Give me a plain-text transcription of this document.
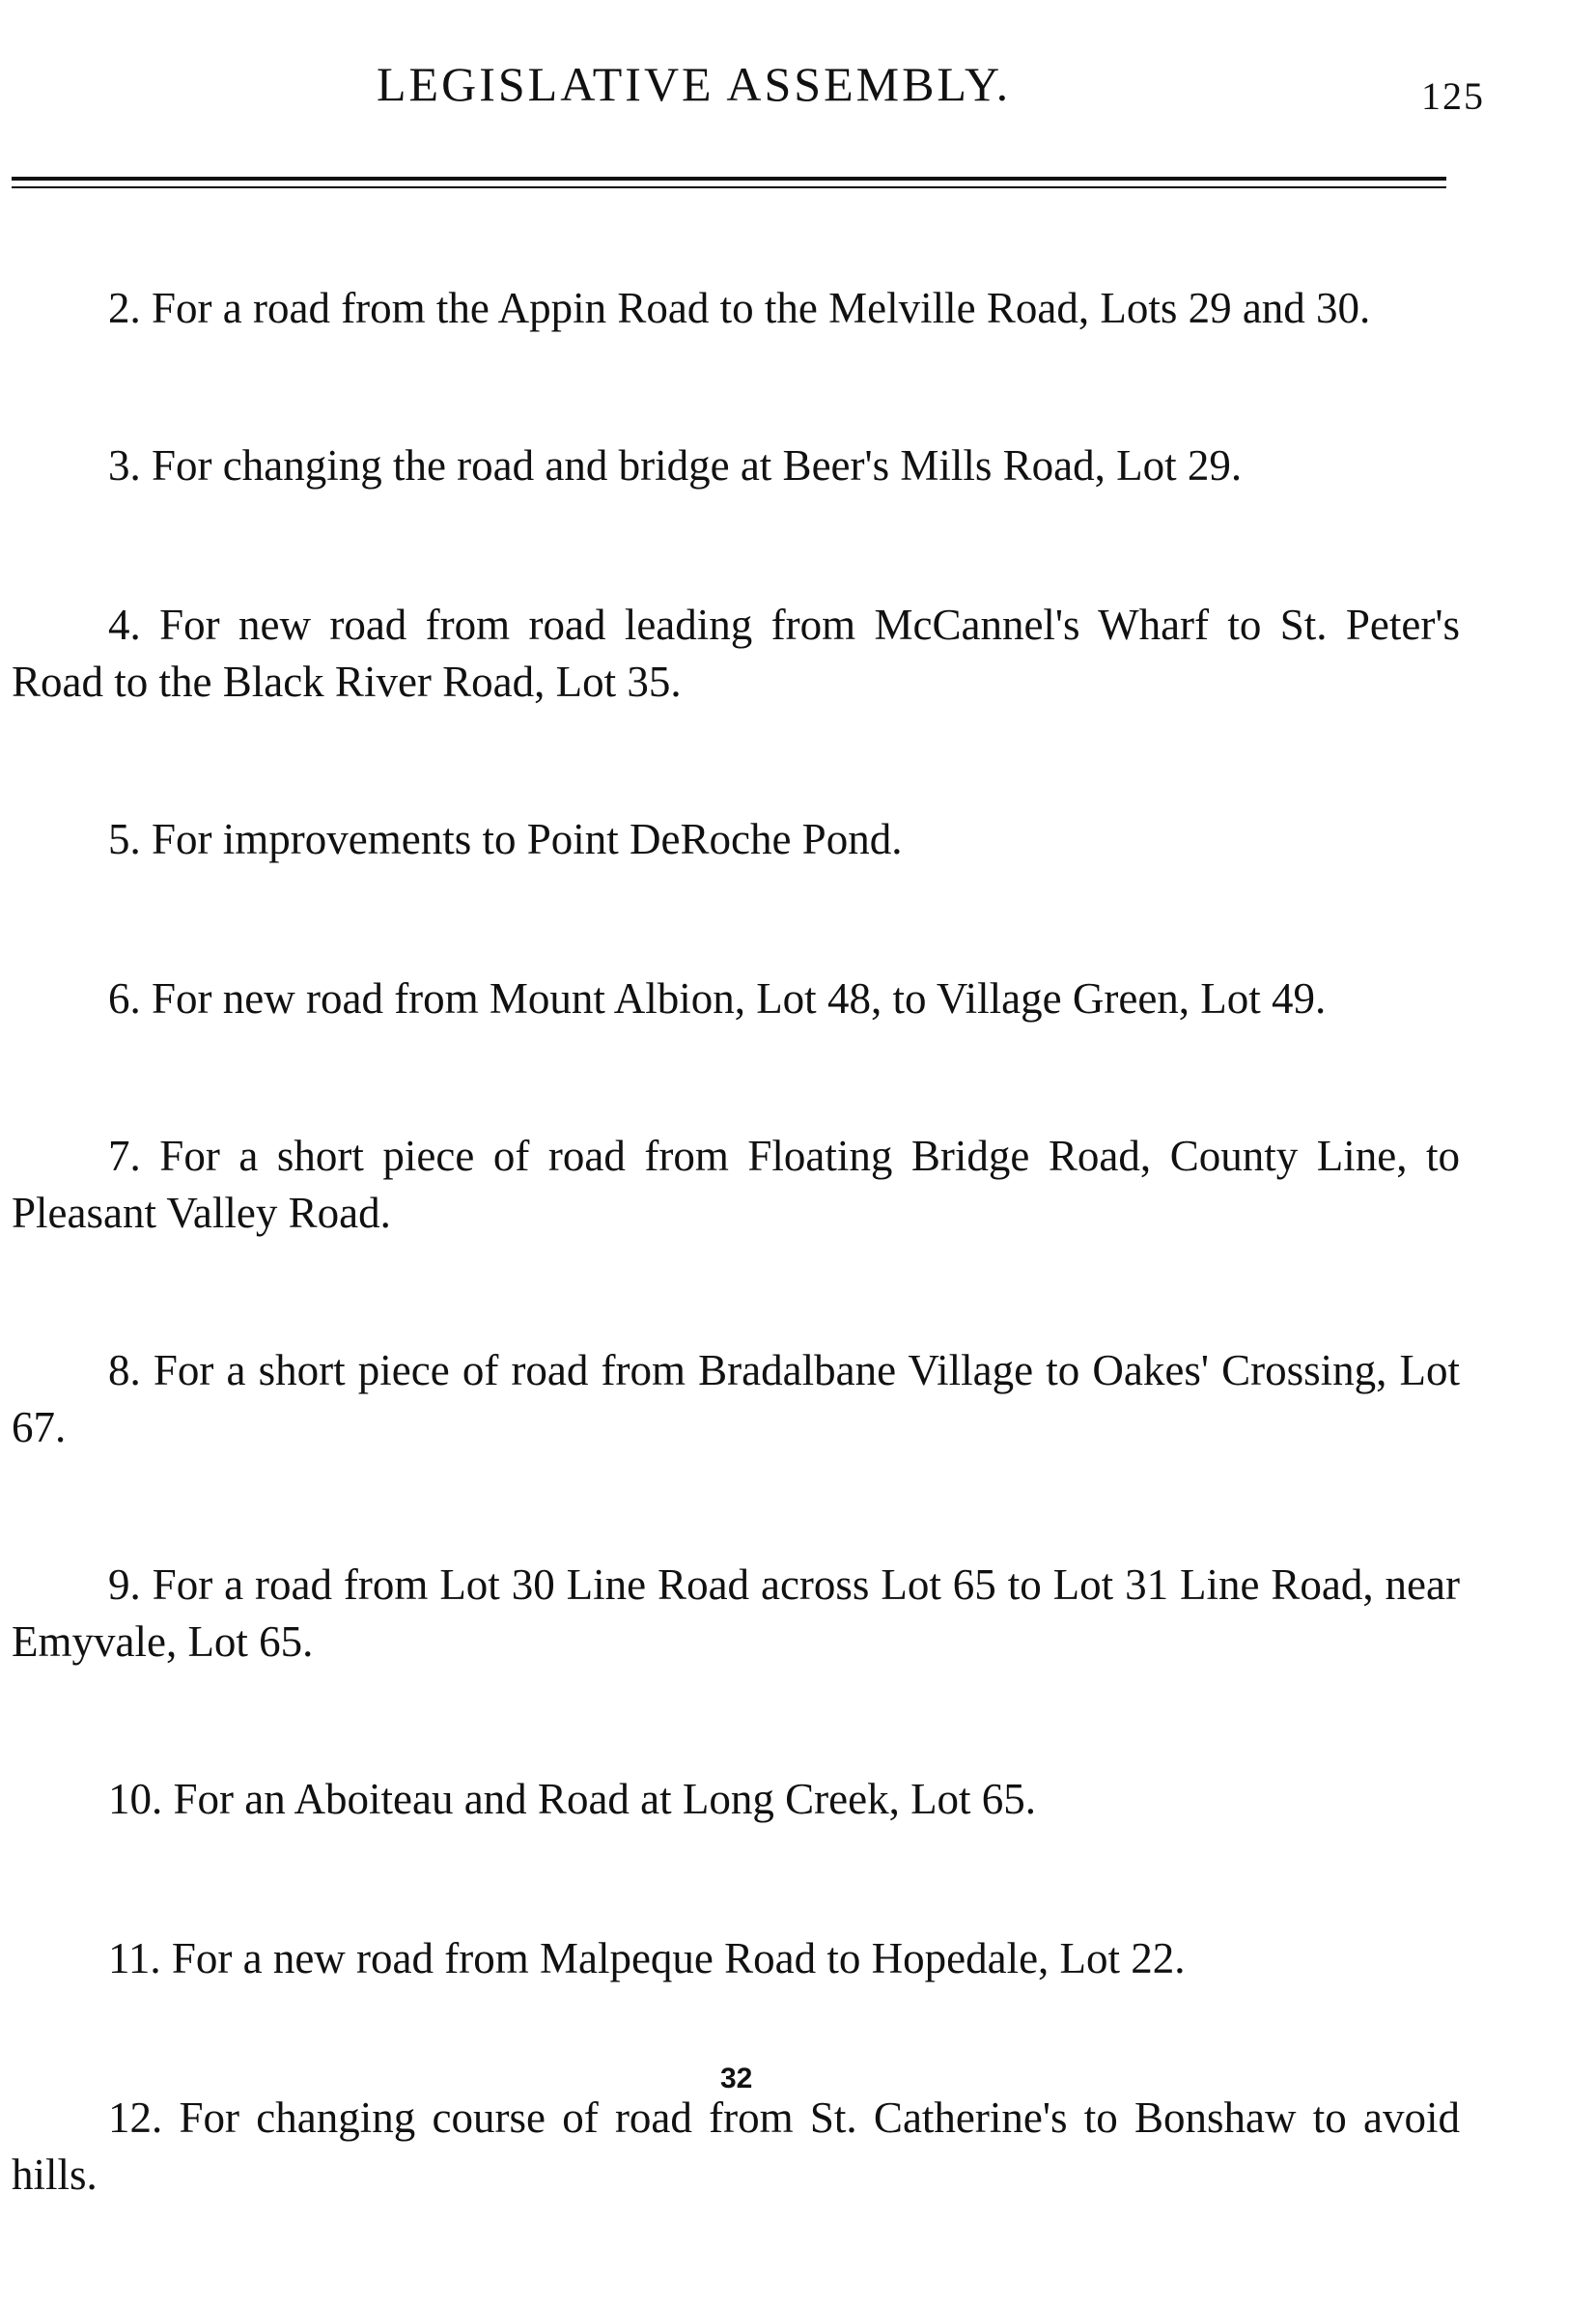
LEGISLATIVE ASSEMBLY.	125

2. For a road from the Appin Road to the Melville Road, Lots 29 and 30.

3. For changing the road and bridge at Beer's Mills Road, Lot 29.

4. For new road from road leading from McCannel's Wharf to St. Peter's Road to the Black River Road, Lot 35.

5. For improvements to Point DeRoche Pond.

6. For new road from Mount Albion, Lot 48, to Village Green, Lot 49.

7. For a short piece of road from Floating Bridge Road, County Line, to Pleasant Valley Road.

8. For a short piece of road from Bradalbane Village to Oakes' Crossing, Lot 67.

9. For a road from Lot 30 Line Road across Lot 65 to Lot 31 Line Road, near Emyvale, Lot 65.

10. For an Aboiteau and Road at Long Creek, Lot 65.

11. For a new road from Malpeque Road to Hopedale, Lot 22.

12. For changing course of road from St. Catherine's to Bonshaw to avoid hills.

32
